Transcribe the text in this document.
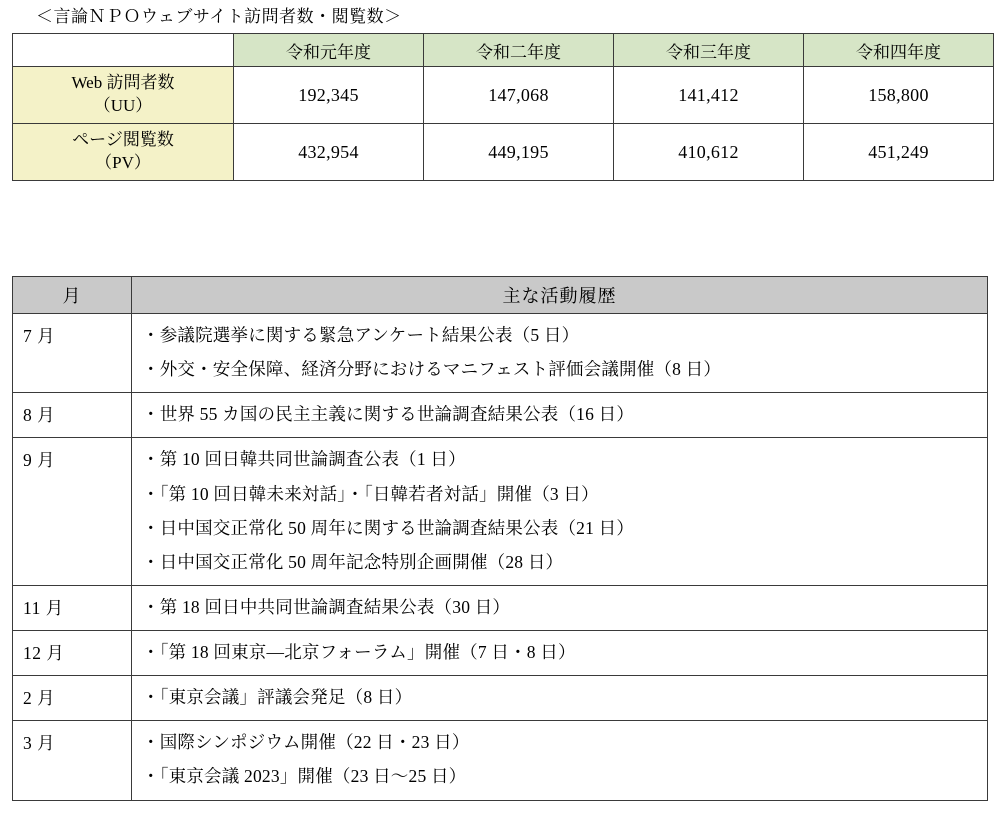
＜言論ＮＰＯウェブサイト訪問者数・閲覧数＞
	令和元年度	令和二年度	令和三年度	令和四年度

Web 訪問者数
（UU）	192,345	147,068	141,412	158,800

ページ閲覧数
（PV）	432,954	449,195	410,612	451,249
月	主な活動履歴
7 月	・参議院選挙に関する緊急アンケート結果公表（5 日）
・外交・安全保障、経済分野におけるマニフェスト評価会議開催（8 日）

8 月	・世界 55 カ国の民主主義に関する世論調査結果公表（16 日）

9 月	・第 10 回日韓共同世論調査公表（1 日）
・「第 10 回日韓未来対話」・「日韓若者対話」開催（3 日）
・日中国交正常化 50 周年に関する世論調査結果公表（21 日）
・日中国交正常化 50 周年記念特別企画開催（28 日）

11 月	・第 18 回日中共同世論調査結果公表（30 日）

12 月	・「第 18 回東京―北京フォーラム」開催（7 日・8 日）

2 月	・「東京会議」評議会発足（8 日）

3 月	・国際シンポジウム開催（22 日・23 日）
・「東京会議 2023」開催（23 日～25 日）
